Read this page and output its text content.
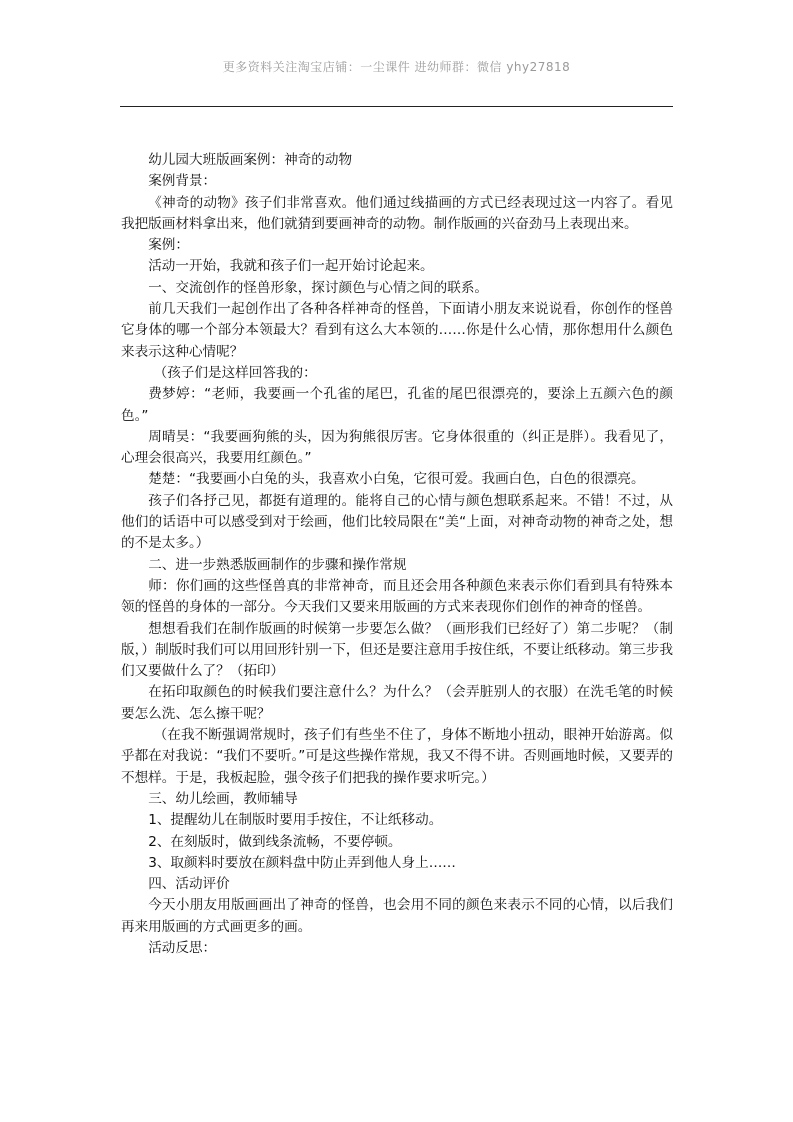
更多资料关注淘宝店铺：一尘课件 进幼师群：微信 yhy27818

幼儿园大班版画案例：神奇的动物

案例背景：

《神奇的动物》孩子们非常喜欢。他们通过线描画的方式已经表现过这一内容了。看见我把版画材料拿出来，他们就猜到要画神奇的动物。制作版画的兴奋劲马上表现出来。

案例：

活动一开始，我就和孩子们一起开始讨论起来。

一、交流创作的怪兽形象，探讨颜色与心情之间的联系。

前几天我们一起创作出了各种各样神奇的怪兽，下面请小朋友来说说看，你创作的怪兽它身体的哪一个部分本领最大？看到有这么大本领的……你是什么心情，那你想用什么颜色来表示这种心情呢？

（孩子们是这样回答我的：

费梦婷：“老师，我要画一个孔雀的尾巴，孔雀的尾巴很漂亮的，要涂上五颜六色的颜色。”

周晴昊：“我要画狗熊的头，因为狗熊很厉害。它身体很重的（纠正是胖）。我看见了，心理会很高兴，我要用红颜色。”

楚楚：“我要画小白兔的头，我喜欢小白兔，它很可爱。我画白色，白色的很漂亮。

孩子们各抒己见，都挺有道理的。能将自己的心情与颜色想联系起来。不错！不过，从他们的话语中可以感受到对于绘画，他们比较局限在“美“上面，对神奇动物的神奇之处，想的不是太多。）

二、进一步熟悉版画制作的步骤和操作常规

师：你们画的这些怪兽真的非常神奇，而且还会用各种颜色来表示你们看到具有特殊本领的怪兽的身体的一部分。今天我们又要来用版画的方式来表现你们创作的神奇的怪兽。

想想看我们在制作版画的时候第一步要怎么做？（画形我们已经好了）第二步呢？（制版，）制版时我们可以用回形针别一下，但还是要注意用手按住纸，不要让纸移动。第三步我们又要做什么了？（拓印）

在拓印取颜色的时候我们要注意什么？为什么？（会弄脏别人的衣服）在洗毛笔的时候要怎么洗、怎么擦干呢？

（在我不断强调常规时，孩子们有些坐不住了，身体不断地小扭动，眼神开始游离。似乎都在对我说：“我们不要听。”可是这些操作常规，我又不得不讲。否则画地时候，又要弄的不想样。于是，我板起脸，强令孩子们把我的操作要求听完。）

三、幼儿绘画，教师辅导

1、提醒幼儿在制版时要用手按住，不让纸移动。

2、在刻版时，做到线条流畅，不要停顿。

3、取颜料时要放在颜料盘中防止弄到他人身上……

四、活动评价

今天小朋友用版画画出了神奇的怪兽，也会用不同的颜色来表示不同的心情，以后我们再来用版画的方式画更多的画。

活动反思：
